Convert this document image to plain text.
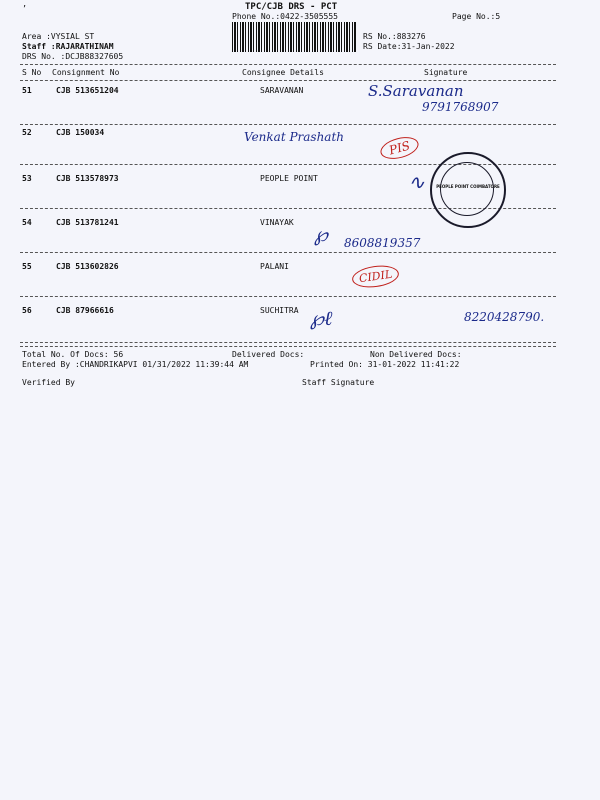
’	TPC/CJB DRS - PCT
Phone No.:0422-3505555	Page No.:5
Area :VYSIAL ST
Staff :RAJARATHINAM
DRS No. :DCJB88327605
RS No.:883276
RS Date:31-Jan-2022
S No Consignment No	Consignee Details	Signature
51	CJB 513651204	SARAVANAN
52	CJB 150034
53	CJB 513578973	PEOPLE POINT
54	CJB 513781241	VINAYAK
55	CJB 513602826	PALANI
56	CJB 87966616	SUCHITRA
S.Saravanan
9791768907
Venkat Prashath
PIS
∿
℘ 8608819357
CIDIL
℘ℓ	8220428790.
PEOPLE POINT COIMBATORE
Total No. Of Docs: 56	Delivered Docs:	Non Delivered Docs:
Entered By :CHANDRIKAPVI 01/31/2022 11:39:44 AM	Printed On: 31-01-2022 11:41:22
Verified By	Staff Signature
